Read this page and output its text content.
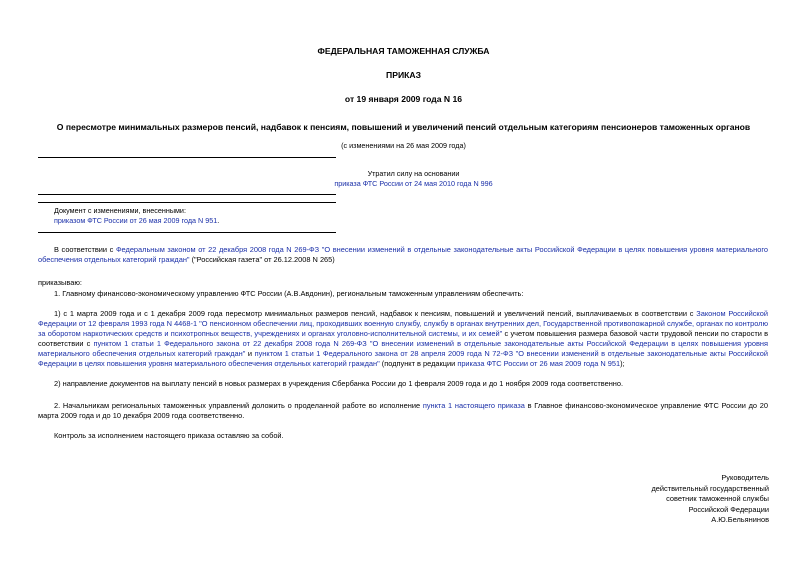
ФЕДЕРАЛЬНАЯ ТАМОЖЕННАЯ СЛУЖБА
ПРИКАЗ
от 19 января 2009 года N 16
О пересмотре минимальных размеров пенсий, надбавок к пенсиям, повышений и увеличений пенсий отдельным категориям пенсионеров таможенных органов
(с изменениями на 26 мая 2009 года)
Утратил силу на основании
приказа ФТС России от 24 мая 2010 года N 996
Документ с изменениями, внесенными:
приказом ФТС России от 26 мая 2009 года N 951.
В соответствии с Федеральным законом от 22 декабря 2008 года N 269-ФЗ "О внесении изменений в отдельные законодательные акты Российской Федерации в целях повышения уровня материального обеспечения отдельных категорий граждан" ("Российская газета" от 26.12.2008 N 265)
приказываю:
1. Главному финансово-экономическому управлению ФТС России (А.В.Авдонин), региональным таможенным управлениям обеспечить:
1) с 1 марта 2009 года и с 1 декабря 2009 года пересмотр минимальных размеров пенсий, надбавок к пенсиям, повышений и увеличений пенсий, выплачиваемых в соответствии с Законом Российской Федерации от 12 февраля 1993 года N 4468-1 "О пенсионном обеспечении лиц, проходивших военную службу, службу в органах внутренних дел, Государственной противопожарной службе, органах по контролю за оборотом наркотических средств и психотропных веществ, учреждениях и органах уголовно-исполнительной системы, и их семей" с учетом повышения размера базовой части трудовой пенсии по старости в соответствии с пунктом 1 статьи 1 Федерального закона от 22 декабря 2008 года N 269-ФЗ "О внесении изменений в отдельные законодательные акты Российской Федерации в целях повышения уровня материального обеспечения отдельных категорий граждан" и пунктом 1 статьи 1 Федерального закона от 28 апреля 2009 года N 72-ФЗ "О внесении изменений в отдельные законодательные акты Российской Федерации в целях повышения уровня материального обеспечения отдельных категорий граждан" (подпункт в редакции приказа ФТС России от 26 мая 2009 года N 951);
2) направление документов на выплату пенсий в новых размерах в учреждения Сбербанка России до 1 февраля 2009 года и до 1 ноября 2009 года соответственно.
2. Начальникам региональных таможенных управлений доложить о проделанной работе во исполнение пункта 1 настоящего приказа в Главное финансово-экономическое управление ФТС России до 20 марта 2009 года и до 10 декабря 2009 года соответственно.
Контроль за исполнением настоящего приказа оставляю за собой.
Руководитель
действительный государственный
советник таможенной службы
Российской Федерации
А.Ю.Бельянинов
